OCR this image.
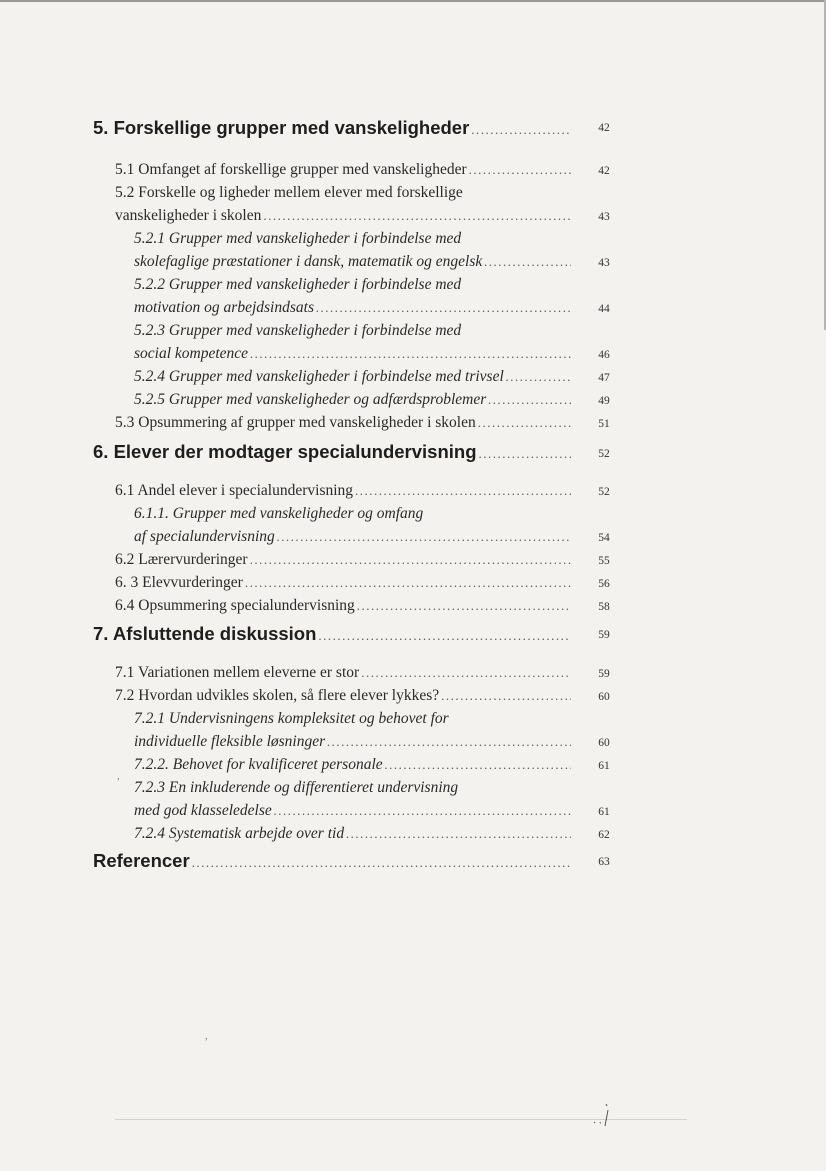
5. Forskellige grupper med vanskeligheder .....	42
5.1 Omfanget af forskellige grupper med vanskeligheder .....	42
5.2 Forskelle og ligheder mellem elever med forskellige
vanskeligheder i skolen .....	43
5.2.1 Grupper med vanskeligheder i forbindelse med
skolefaglige præstationer i dansk, matematik og engelsk .....	43
5.2.2 Grupper med vanskeligheder i forbindelse med
motivation og arbejdsindsats .....	44
5.2.3 Grupper med vanskeligheder i forbindelse med
social kompetence .....	46
5.2.4 Grupper med vanskeligheder i forbindelse med trivsel .....	47
5.2.5 Grupper med vanskeligheder og adfærdsproblemer .....	49
5.3 Opsummering af grupper med vanskeligheder i skolen .....	51
6. Elever der modtager specialundervisning .....	52
6.1 Andel elever i specialundervisning .....	52
6.1.1. Grupper med vanskeligheder og omfang
af specialundervisning .....	54
6.2 Lærervurderinger .....	55
6. 3 Elevvurderinger .....	56
6.4 Opsummering specialundervisning .....	58
7. Afsluttende diskussion .....	59
7.1 Variationen mellem eleverne er stor .....	59
7.2 Hvordan udvikles skolen, så flere elever lykkes? .....	60
7.2.1 Undervisningens kompleksitet og behovet for
individuelle fleksible løsninger .....	60
7.2.2. Behovet for kvalificeret personale .....	61
7.2.3 En inkluderende og differentieret undervisning
med god klasseledelse .....	61
7.2.4 Systematisk arbejde over tid .....	62
Referencer .....	63
,
,
